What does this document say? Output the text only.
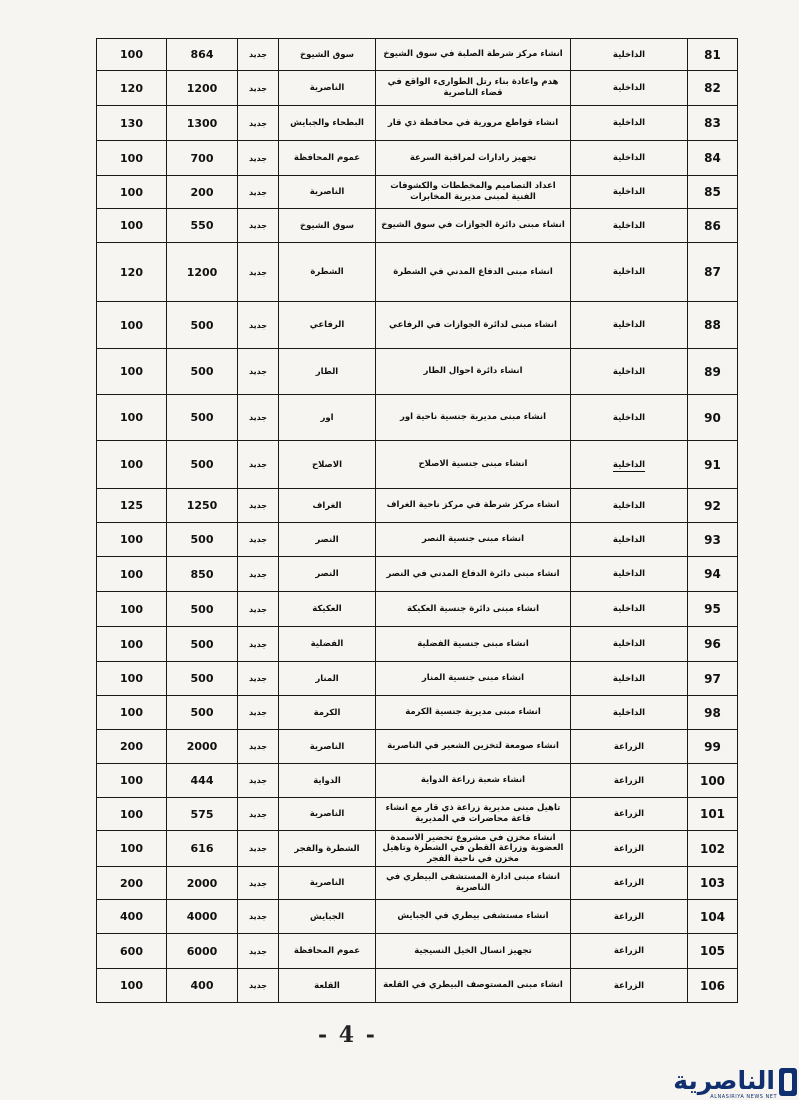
100	864	جديد	سوق الشيوخ	انشاء مركز شرطة الصلبة في سوق الشيوخ	الداخلية	81
120	1200	جديد	الناصرية	هدم واعادة بناء رتل الطوارىء الواقع في قضاء الناصرية	الداخلية	82
130	1300	جديد	البطحاء والجبايش	انشاء قواطع مرورية في محافظة ذي قار	الداخلية	83
100	700	جديد	عموم المحافظة	تجهيز رادارات لمراقبة السرعة	الداخلية	84
100	200	جديد	الناصرية	اعداد التصاميم والمخططات والكشوفات الفنية لمبنى مديرية المخابرات	الداخلية	85
100	550	جديد	سوق الشيوخ	انشاء مبنى دائرة الجوازات في سوق الشيوخ	الداخلية	86
120	1200	جديد	الشطرة	انشاء مبنى الدفاع المدني في الشطرة	الداخلية	87
100	500	جديد	الرفاعي	انشاء مبنى لدائرة الجوازات في الرفاعي	الداخلية	88
100	500	جديد	الطار	انشاء دائرة احوال الطار	الداخلية	89
100	500	جديد	اور	انشاء مبنى مديرية جنسية ناحية اور	الداخلية	90
100	500	جديد	الاصلاح	انشاء مبنى جنسية الاصلاح	الداخلية	91
125	1250	جديد	الغراف	انشاء مركز شرطة في مركز ناحية الغراف	الداخلية	92
100	500	جديد	النصر	انشاء مبنى جنسية النصر	الداخلية	93
100	850	جديد	النصر	انشاء مبنى دائرة الدفاع المدني في النصر	الداخلية	94
100	500	جديد	العكيكة	انشاء مبنى دائرة جنسية العكيكة	الداخلية	95
100	500	جديد	الفضلية	انشاء مبنى جنسية الفضلية	الداخلية	96
100	500	جديد	المنار	انشاء مبنى جنسية المنار	الداخلية	97
100	500	جديد	الكرمة	انشاء مبنى مديرية جنسية الكرمة	الداخلية	98
200	2000	جديد	الناصرية	انشاء صومعة لتخزين الشعير في الناصرية	الزراعة	99
100	444	جديد	الدواية	انشاء شعبة زراعة الدواية	الزراعة	100
100	575	جديد	الناصرية	تاهيل مبنى مديرية زراعة ذي قار مع انشاء قاعة محاضرات في المديرية	الزراعة	101
100	616	جديد	الشطرة والفجر	انشاء مخزن في مشروع تحضير الاسمدة العضوية وزراعة القطن في الشطرة وتاهيل مخزن في ناحية الفجر	الزراعة	102
200	2000	جديد	الناصرية	انشاء مبنى ادارة المستشفى البيطري في الناصرية	الزراعة	103
400	4000	جديد	الجبايش	انشاء مستشفى بيطري في الجبايش	الزراعة	104
600	6000	جديد	عموم المحافظة	تجهيز انسال الخيل النسيجية	الزراعة	105
100	400	جديد	القلعة	انشاء مبنى المستوصف البيطري في القلعة	الزراعة	106
- 4 -
الناصرية
ALNASIRIYA NEWS NET
